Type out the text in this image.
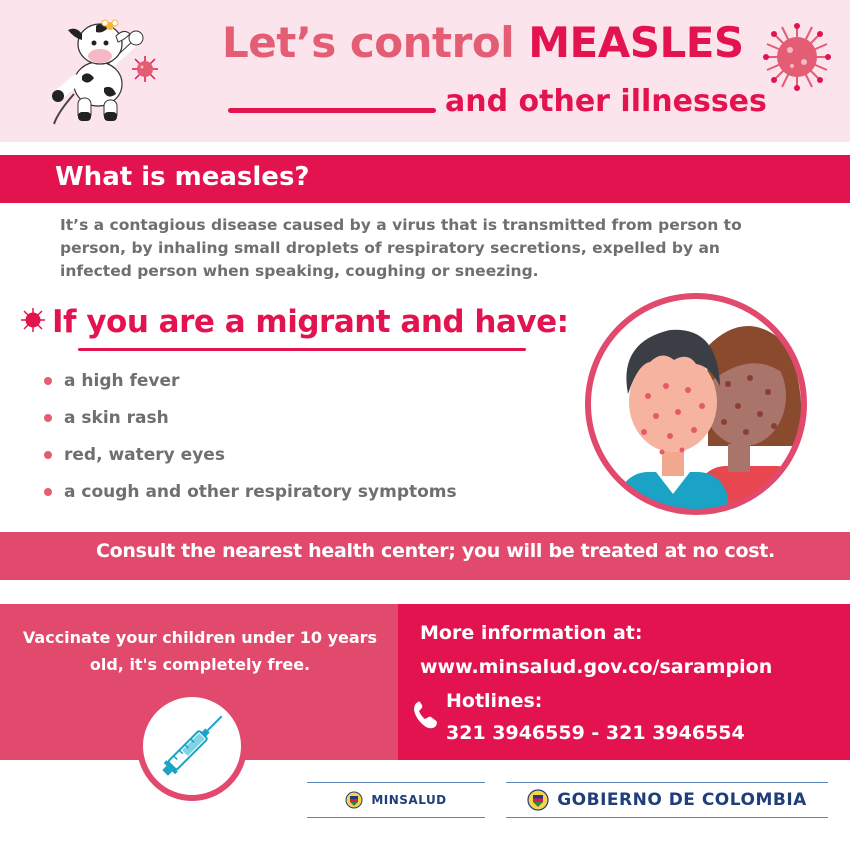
Let’s control MEASLES
and other illnesses
What is measles?
It’s a contagious disease caused by a virus that is transmitted from person to person, by inhaling small droplets of respiratory secretions, expelled by an infected person when speaking, coughing or sneezing.
If you are a migrant and have:
a high fever
a skin rash
red, watery eyes
a cough and other respiratory symptoms
Consult the nearest health center; you will be treated at no cost.
Vaccinate your children under 10 years old, it's completely free.
More information at:
www.minsalud.gov.co/sarampion
Hotlines:
321 3946559 - 321 3946554
MINSALUD	GOBIERNO DE COLOMBIA
